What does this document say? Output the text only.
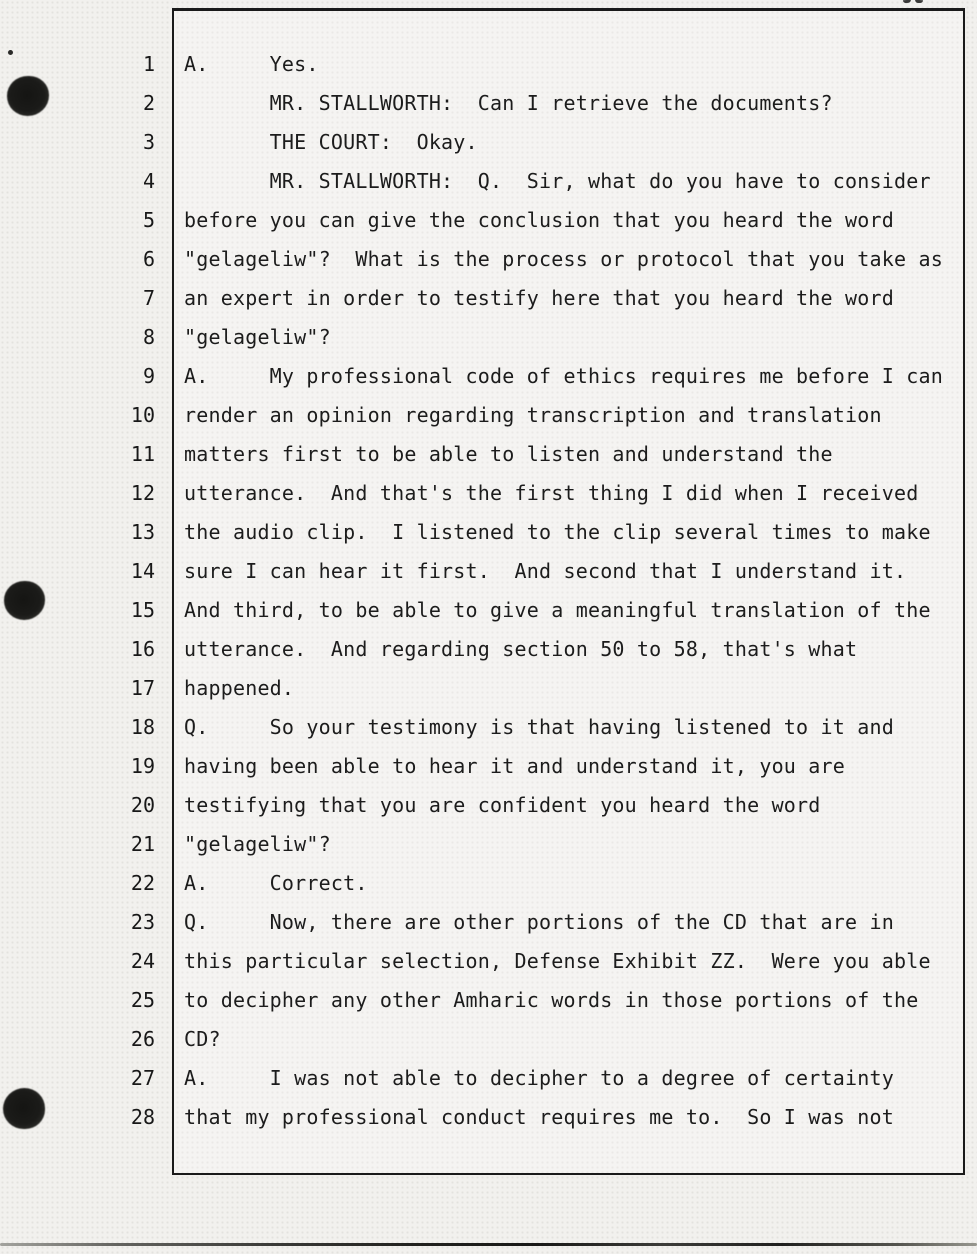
1 A.     Yes.
2 MR. STALLWORTH:  Can I retrieve the documents?
3 THE COURT:  Okay.
4 MR. STALLWORTH:  Q.  Sir, what do you have to consider
5 before you can give the conclusion that you heard the word
6 "gelageliw"?  What is the process or protocol that you take as
7 an expert in order to testify here that you heard the word
8 "gelageliw"?
9 A.     My professional code of ethics requires me before I can
10 render an opinion regarding transcription and translation
11 matters first to be able to listen and understand the
12 utterance.  And that's the first thing I did when I received
13 the audio clip.  I listened to the clip several times to make
14 sure I can hear it first.  And second that I understand it.
15 And third, to be able to give a meaningful translation of the
16 utterance.  And regarding section 50 to 58, that's what
17 happened.
18 Q.     So your testimony is that having listened to it and
19 having been able to hear it and understand it, you are
20 testifying that you are confident you heard the word
21 "gelageliw"?
22 A.     Correct.
23 Q.     Now, there are other portions of the CD that are in
24 this particular selection, Defense Exhibit ZZ.  Were you able
25 to decipher any other Amharic words in those portions of the
26 CD?
27 A.     I was not able to decipher to a degree of certainty
28 that my professional conduct requires me to.  So I was not
